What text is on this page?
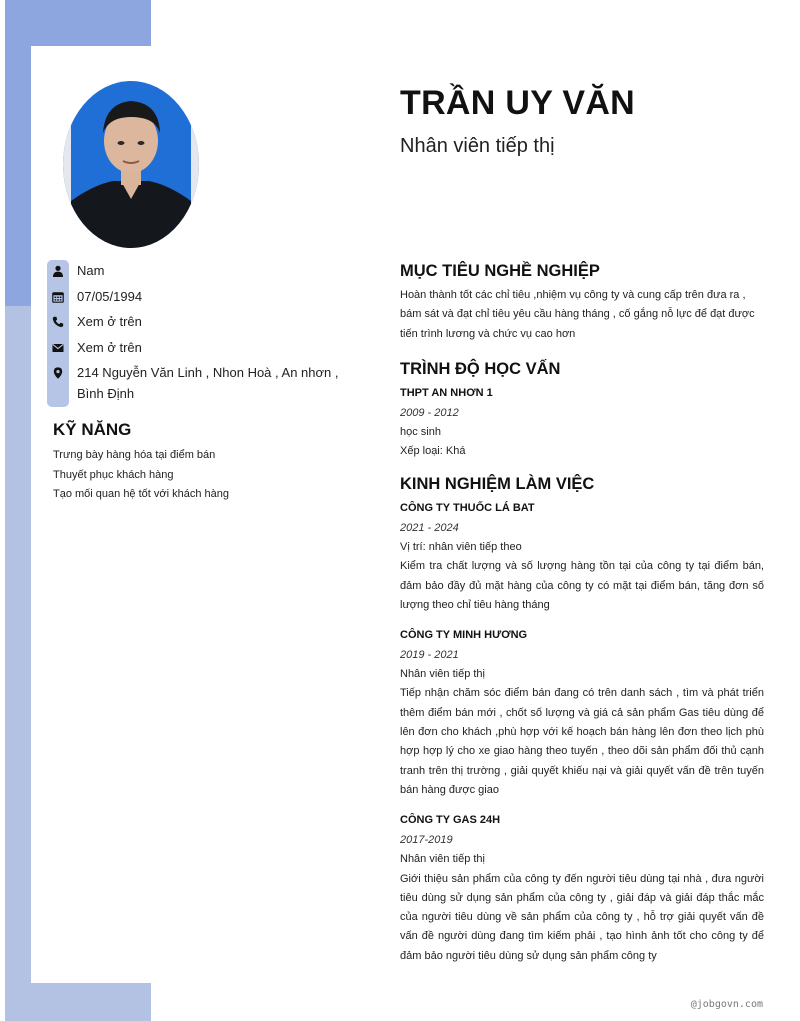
Nam
07/05/1994
Xem ở trên
Xem ở trên
214 Nguyễn Văn Linh , Nhon Hoà , An nhơn , Bình Định
KỸ NĂNG
Trưng bày hàng hóa tại điểm bán
Thuyết phục khách hàng
Tạo mối quan hệ tốt với khách hàng
TRẦN UY VĂN
Nhân viên tiếp thị
MỤC TIÊU NGHỀ NGHIỆP

Hoàn thành tốt các chỉ tiêu ,nhiệm vụ công ty và cung cấp trên đưa ra , bám sát và đạt chỉ tiêu yêu cầu hàng tháng , cố gắng nỗ lực để đạt được tiến trình lương và chức vụ cao hơn

TRÌNH ĐỘ HỌC VẤN

THPT AN NHƠN 1

2009 - 2012

học sinh

Xếp loại: Khá

KINH NGHIỆM LÀM VIỆC

CÔNG TY THUỐC LÁ BAT

2021 - 2024

Vị trí: nhân viên tiếp theo

Kiểm tra chất lượng và số lượng hàng tồn tại của công ty tại điểm bán, đảm bảo đầy đủ mặt hàng của công ty có mặt tại điểm bán, tăng đơn số lượng theo chỉ tiêu hàng tháng

CÔNG TY MINH HƯƠNG

2019 - 2021

Nhân viên tiếp thị

Tiếp nhận chăm sóc điểm bán đang có trên danh sách , tìm và phát triển thêm điểm bán mới , chốt số lượng và giá cả sản phẩm Gas tiêu dùng để lên đơn cho khách ,phù hợp với kế hoạch bán hàng lên đơn theo lịch phù hợp hợp lý cho xe giao hàng theo tuyến , theo dõi sản phẩm đối thủ cạnh tranh trên thị trường , giải quyết khiếu nại và giải quyết vấn đề trên tuyến bán hàng được giao

CÔNG TY GAS 24H

2017-2019

Nhân viên tiếp thị

Giới thiệu sản phẩm của công ty đến người tiêu dùng tại nhà , đưa người tiêu dùng sử dụng sản phẩm của công ty , giải đáp và giải đáp thắc mắc của người tiêu dùng về sản phẩm của công ty , hỗ trợ giải quyết vấn đề vấn đề người dùng đang tìm kiếm phải , tạo hình ảnh tốt cho công ty để đảm bảo người tiêu dùng sử dụng sản phẩm công ty

@jobgovn.com
